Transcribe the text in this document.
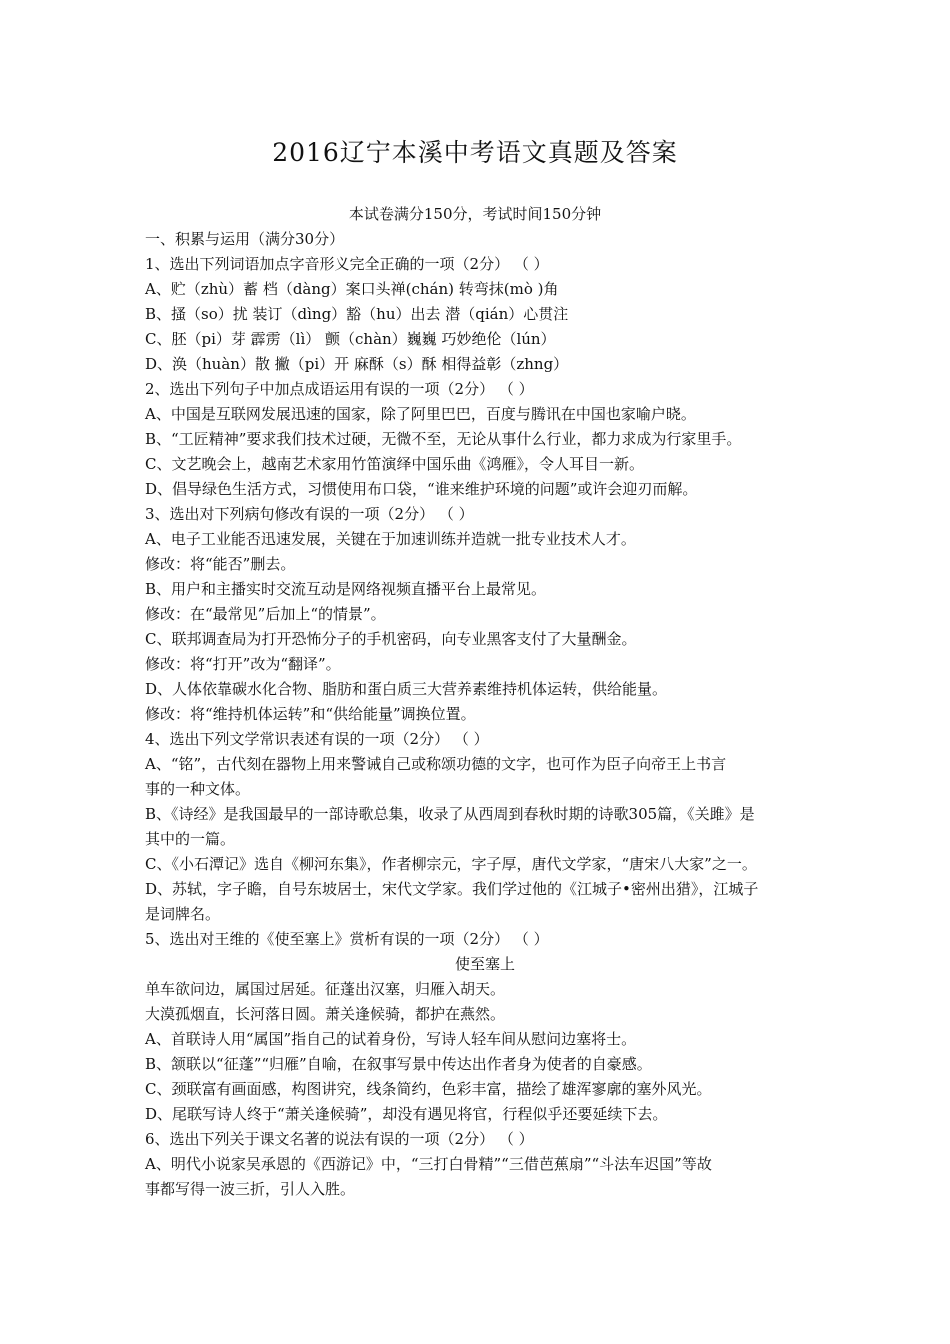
2016辽宁本溪中考语文真题及答案
本试卷满分150分，考试时间150分钟
一、积累与运用（满分30分）
1、选出下列词语加点字音形义完全正确的一项（2分） （ ）
A、贮（zhù）蓄 档（dàng）案口头禅(chán) 转弯抹(mò )角
B、搔（so）扰 装订（dìng）豁（hu）出去 潜（qián）心贯注
C、胚（pi）芽 霹雳（lì） 颤（chàn）巍巍 巧妙绝伦（lún）
D、涣（huàn）散 撇（pi）开 麻酥（s）酥 相得益彰（zhng）
2、选出下列句子中加点成语运用有误的一项（2分） （ ）
A、中国是互联网发展迅速的国家，除了阿里巴巴，百度与腾讯在中国也家喻户晓。
B、“工匠精神”要求我们技术过硬，无微不至，无论从事什么行业，都力求成为行家里手。
C、文艺晚会上，越南艺术家用竹笛演绎中国乐曲《鸿雁》，令人耳目一新。
D、倡导绿色生活方式，习惯使用布口袋，“谁来维护环境的问题”或许会迎刃而解。
3、选出对下列病句修改有误的一项（2分） （ ）
A、电子工业能否迅速发展，关键在于加速训练并造就一批专业技术人才。
修改：将“能否”删去。
B、用户和主播实时交流互动是网络视频直播平台上最常见。
修改：在“最常见”后加上“的情景”。
C、联邦调查局为打开恐怖分子的手机密码，向专业黑客支付了大量酬金。
修改：将“打开”改为“翻译”。
D、人体依靠碳水化合物、脂肪和蛋白质三大营养素维持机体运转，供给能量。
修改：将“维持机体运转”和“供给能量”调换位置。
4、选出下列文学常识表述有误的一项（2分） （ ）
A、“铭”，古代刻在器物上用来警诫自己或称颂功德的文字，也可作为臣子向帝王上书言
事的一种文体。
B、《诗经》是我国最早的一部诗歌总集，收录了从西周到春秋时期的诗歌305篇，《关雎》是
其中的一篇。
C、《小石潭记》选自《柳河东集》，作者柳宗元，字子厚，唐代文学家，“唐宋八大家”之一。
D、苏轼，字子瞻，自号东坡居士，宋代文学家。我们学过他的《江城子•密州出猎》，江城子
是词牌名。
5、选出对王维的《使至塞上》赏析有误的一项（2分） （ ）
使至塞上
单车欲问边，属国过居延。征蓬出汉塞，归雁入胡天。
大漠孤烟直，长河落日圆。萧关逢候骑，都护在燕然。
A、首联诗人用“属国”指自己的试着身份，写诗人轻车间从慰问边塞将士。
B、颔联以“征蓬”“归雁”自喻，在叙事写景中传达出作者身为使者的自豪感。
C、颈联富有画面感，构图讲究，线条简约，色彩丰富，描绘了雄浑寥廓的塞外风光。
D、尾联写诗人终于“萧关逢候骑”，却没有遇见将官，行程似乎还要延续下去。
6、选出下列关于课文名著的说法有误的一项（2分） （ ）
A、明代小说家吴承恩的《西游记》中，“三打白骨精”“三借芭蕉扇”“斗法车迟国”等故
事都写得一波三折，引人入胜。
